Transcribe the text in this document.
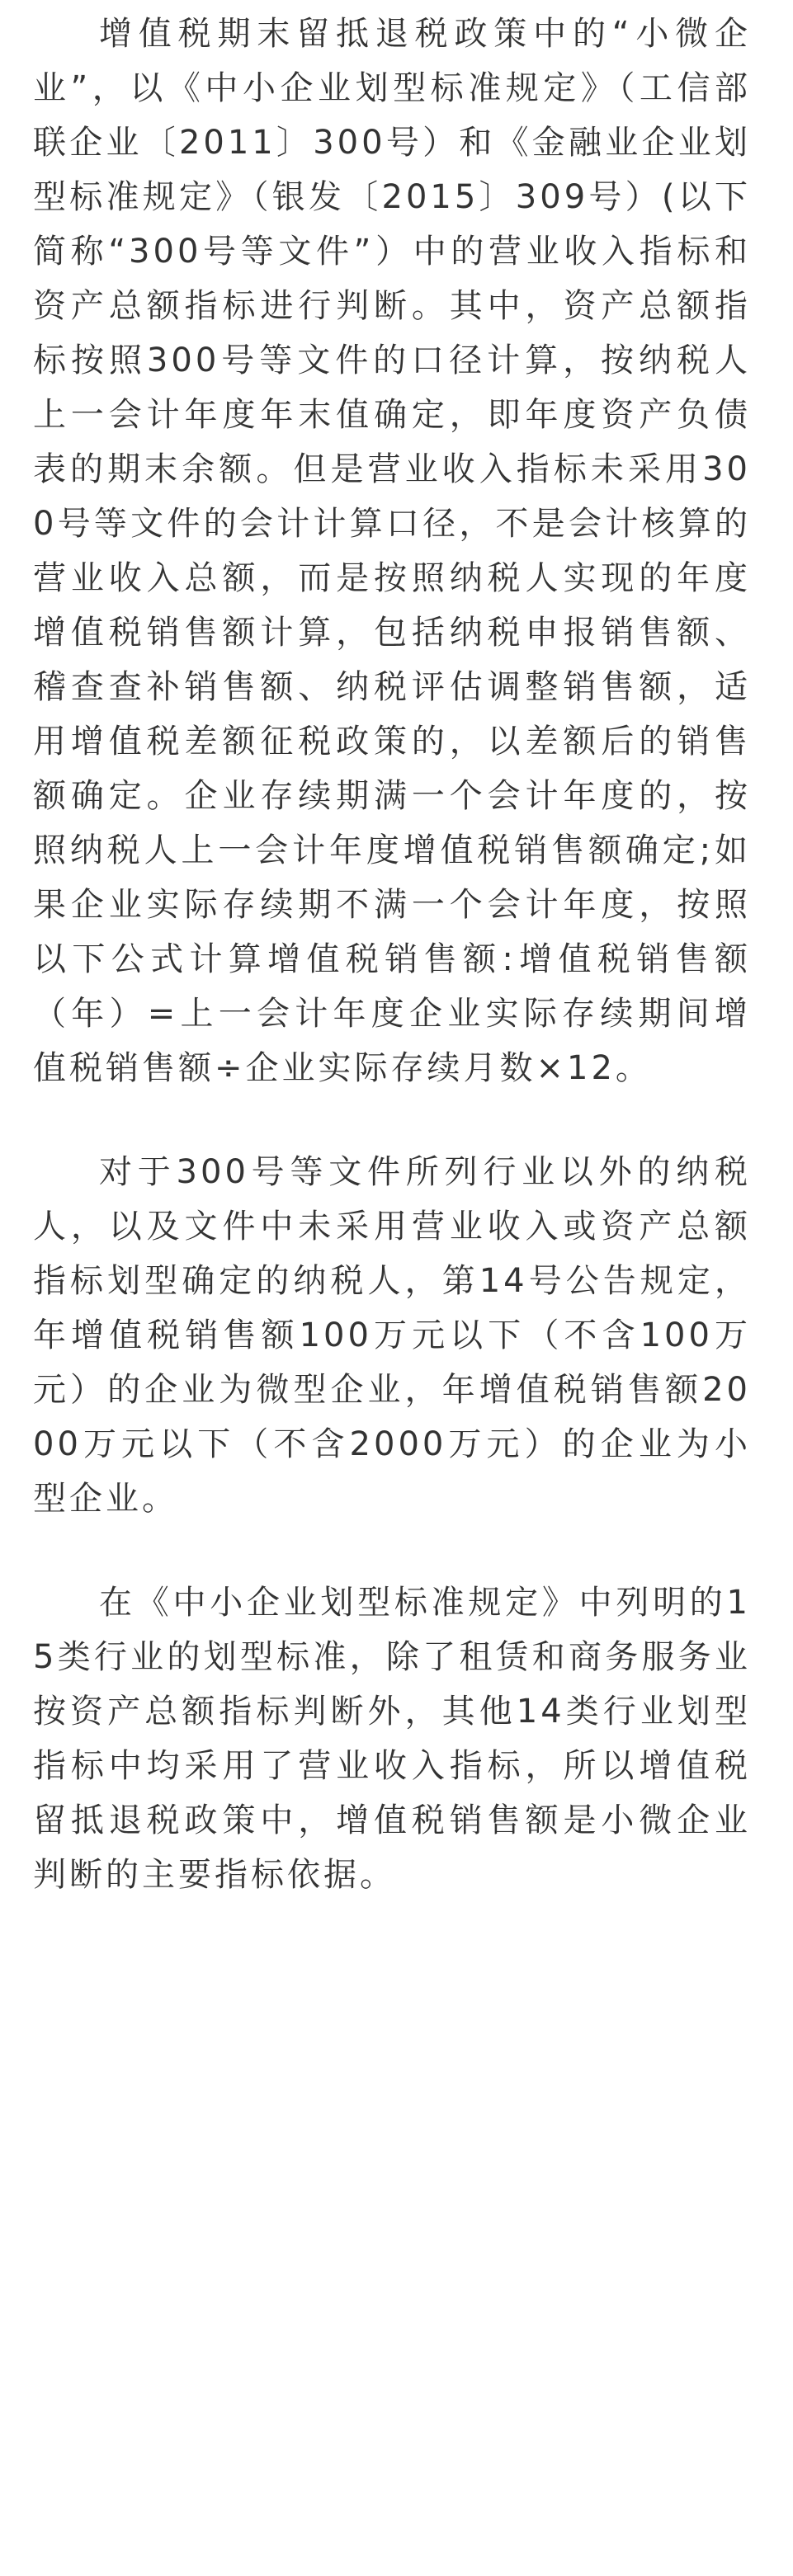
增值税期末留抵退税政策中的“小微企业”，以《中小企业划型标准规定》（工信部联企业〔2011〕300号）和《金融业企业划型标准规定》（银发〔2015〕309号）(以下简称“300号等文件”）中的营业收入指标和资产总额指标进行判断。其中，资产总额指标按照300号等文件的口径计算，按纳税人上一会计年度年末值确定，即年度资产负债表的期末余额。但是营业收入指标未采用300号等文件的会计计算口径，不是会计核算的营业收入总额，而是按照纳税人实现的年度增值税销售额计算，包括纳税申报销售额、稽查查补销售额、纳税评估调整销售额，适用增值税差额征税政策的，以差额后的销售额确定。企业存续期满一个会计年度的，按照纳税人上一会计年度增值税销售额确定;如果企业实际存续期不满一个会计年度，按照以下公式计算增值税销售额:增值税销售额（年）=上一会计年度企业实际存续期间增值税销售额÷企业实际存续月数×12。

对于300号等文件所列行业以外的纳税人，以及文件中未采用营业收入或资产总额指标划型确定的纳税人，第14号公告规定，年增值税销售额100万元以下（不含100万元）的企业为微型企业，年增值税销售额2000万元以下（不含2000万元）的企业为小型企业。

在《中小企业划型标准规定》中列明的15类行业的划型标准，除了租赁和商务服务业按资产总额指标判断外，其他14类行业划型指标中均采用了营业收入指标，所以增值税留抵退税政策中，增值税销售额是小微企业判断的主要指标依据。
